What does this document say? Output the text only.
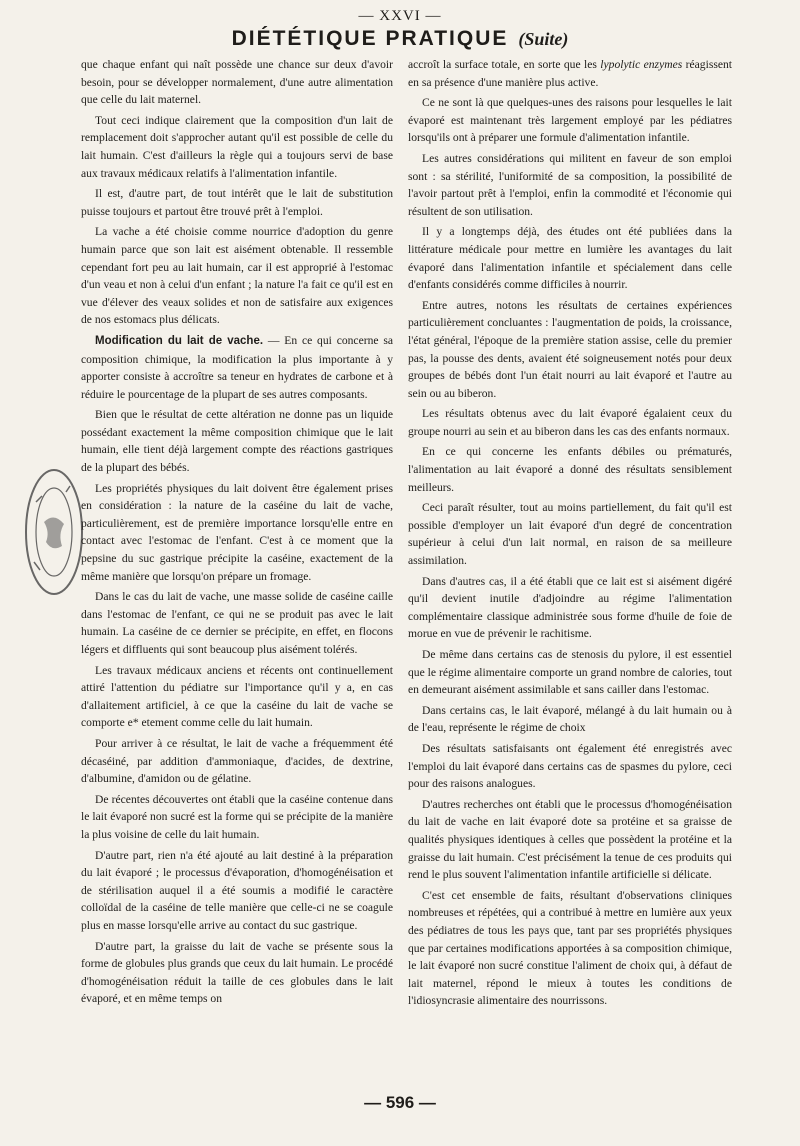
— XXVI —
DIÉTÉTIQUE PRATIQUE (Suite)

que chaque enfant qui naît possède une chance sur deux d'avoir besoin, pour se développer normalement, d'une autre alimentation que celle du lait maternel.

Tout ceci indique clairement que la composition d'un lait de remplacement doit s'approcher autant qu'il est possible de celle du lait humain. C'est d'ailleurs la règle qui a toujours servi de base aux travaux médicaux relatifs à l'alimentation infantile.

Il est, d'autre part, de tout intérêt que le lait de substitution puisse toujours et partout être trouvé prêt à l'emploi.

La vache a été choisie comme nourrice d'adoption du genre humain parce que son lait est aisément obtenable. Il ressemble cependant fort peu au lait humain, car il est approprié à l'estomac d'un veau et non à celui d'un enfant ; la nature l'a fait ce qu'il est en vue d'élever des veaux solides et non de satisfaire aux exigences de nos estomacs plus délicats.

Modification du lait de vache. — En ce qui concerne sa composition chimique, la modification la plus importante à y apporter consiste à accroître sa teneur en hydrates de carbone et à réduire le pourcentage de la plupart de ses autres composants.

Bien que le résultat de cette altération ne donne pas un liquide possédant exactement la même composition chimique que le lait humain, elle tient déjà largement compte des réactions gastriques de la plupart des bébés.

Les propriétés physiques du lait doivent être également prises en considération : la nature de la caséine du lait de vache, particulièrement, est de première importance lorsqu'elle entre en contact avec l'estomac de l'enfant. C'est à ce moment que la pepsine du suc gastrique précipite la caséine, exactement de la même manière que lorsqu'on prépare un fromage.

Dans le cas du lait de vache, une masse solide de caséine caille dans l'estomac de l'enfant, ce qui ne se produit pas avec le lait humain. La caséine de ce dernier se précipite, en effet, en flocons légers et diffluents qui sont beaucoup plus aisément tolérés.

Les travaux médicaux anciens et récents ont continuellement attiré l'attention du pédiatre sur l'importance qu'il y a, en cas d'allaitement artificiel, à ce que la caséine du lait de vache se comporte e* etement comme celle du lait humain.

Pour arriver à ce résultat, le lait de vache a fréquemment été décaséiné, par addition d'ammoniaque, d'acides, de dextrine, d'albumine, d'amidon ou de gélatine.

De récentes découvertes ont établi que la caséine contenue dans le lait évaporé non sucré est la forme qui se précipite de la manière la plus voisine de celle du lait humain.

D'autre part, rien n'a été ajouté au lait destiné à la préparation du lait évaporé ; le processus d'évaporation, d'homogénéisation et de stérilisation auquel il a été soumis a modifié le caractère colloïdal de la caséine de telle manière que celle-ci ne se coagule plus en masse lorsqu'elle arrive au contact du suc gastrique.

D'autre part, la graisse du lait de vache se présente sous la forme de globules plus grands que ceux du lait humain. Le procédé d'homogénéisation réduit la taille de ces globules dans le lait évaporé, et en même temps on

accroît la surface totale, en sorte que les lypolytic enzymes réagissent en sa présence d'une manière plus active.

Ce ne sont là que quelques-unes des raisons pour lesquelles le lait évaporé est maintenant très largement employé par les pédiatres lorsqu'ils ont à préparer une formule d'alimentation infantile.

Les autres considérations qui militent en faveur de son emploi sont : sa stérilité, l'uniformité de sa composition, la possibilité de l'avoir partout prêt à l'emploi, enfin la commodité et l'économie qui résultent de son utilisation.

Il y a longtemps déjà, des études ont été publiées dans la littérature médicale pour mettre en lumière les avantages du lait évaporé dans l'alimentation infantile et spécialement dans celle d'enfants considérés comme difficiles à nourrir.

Entre autres, notons les résultats de certaines expériences particulièrement concluantes : l'augmentation de poids, la croissance, l'état général, l'époque de la première station assise, celle du premier pas, la pousse des dents, avaient été soigneusement notés pour deux groupes de bébés dont l'un était nourri au lait évaporé et l'autre au sein ou au biberon.

Les résultats obtenus avec du lait évaporé égalaient ceux du groupe nourri au sein et au biberon dans les cas des enfants normaux.

En ce qui concerne les enfants débiles ou prématurés, l'alimentation au lait évaporé a donné des résultats sensiblement meilleurs.

Ceci paraît résulter, tout au moins partiellement, du fait qu'il est possible d'employer un lait évaporé d'un degré de concentration supérieur à celui d'un lait normal, en raison de sa meilleure assimilation.

Dans d'autres cas, il a été établi que ce lait est si aisément digéré qu'il devient inutile d'adjoindre au régime l'alimentation complémentaire classique administrée sous forme d'huile de foie de morue en vue de prévenir le rachitisme.

De même dans certains cas de stenosis du pylore, il est essentiel que le régime alimentaire comporte un grand nombre de calories, tout en demeurant aisément assimilable et sans cailler dans l'estomac.

Dans certains cas, le lait évaporé, mélangé à du lait humain ou à de l'eau, représente le régime de choix

Des résultats satisfaisants ont également été enregistrés avec l'emploi du lait évaporé dans certains cas de spasmes du pylore, ceci pour des raisons analogues.

D'autres recherches ont établi que le processus d'homogénéisation du lait de vache en lait évaporé dote sa protéine et sa graisse de qualités physiques identiques à celles que possèdent la protéine et la graisse du lait humain. C'est précisément la tenue de ces produits qui rend le plus souvent l'alimentation infantile artificielle si délicate.

C'est cet ensemble de faits, résultant d'observations cliniques nombreuses et répétées, qui a contribué à mettre en lumière aux yeux des pédiatres de tous les pays que, tant par ses propriétés physiques que par certaines modifications apportées à sa composition chimique, le lait évaporé non sucré constitue l'aliment de choix qui, à défaut de lait maternel, répond le mieux à toutes les conditions de l'idiosyncrasie alimentaire des nourrissons.

— 596 —
